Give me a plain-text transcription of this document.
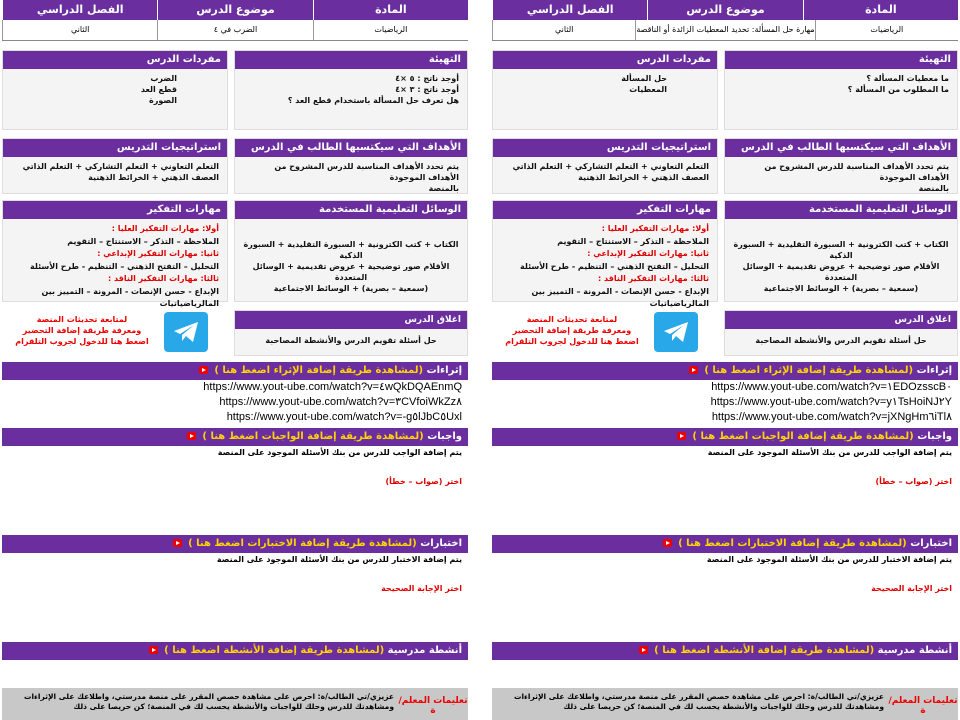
المادة
موضوع الدرس
الفصل الدراسي
الرياضيات
الضرب في ٤
الثاني
التهيئة
أوجد ناتج : ٥ ×٤
أوجد ناتج : ٣ ×٤
هل تعرف حل المسألة باستخدام قطع العد ؟
مفردات الدرس
الضرب
قطع العد
الصورة
الأهداف التي سيكتسبها الطالب في الدرس
يتم تحدد الأهداف المناسبة للدرس المشروح من الأهداف الموجودة
بالمنصة
استراتيجيات التدريس
التعلم التعاوني + التعلم التشاركي + التعلم الذاتي
العصف الذهني + الخرائط الذهنية
الوسائل التعليمية المستخدمة
الكتاب + كتب الكترونية + السبورة التقليدية + السبورة الذكية
الأقلام صور توضيحية + عروض تقديمية + الوسائل المتعددة
(سمعية – بصرية) + الوسائط الاجتماعية
مهارات التفكير
أولا: مهارات التفكير العليا :
الملاحظة – التذكر – الاستنتاج – التقويم
ثانيا: مهارات التفكير الإبداعي :
التحليل – التفتح الذهني – التنظيم - طرح الأسئلة
ثالثا: مهارات التفكير الناقد :
الإبداع - حسن الإنصات - المرونة – التمييز بين المالرياضياتيات
اغلاق الدرس
حل أسئلة تقويم الدرس والأنشطة المصاحبة
لمتابعة تحديثات المنصة
ومعرفة طريقة إضافة التحضير
اضغط هنا للدخول لجروب التلقرام
إثراءات (لمشاهدة طريقة إضافة الإثراء اضغط هنا )
https://www.yout-ube.com/watch?v=٤wQkDQAEnmQ
https://www.yout-ube.com/watch?v=٣CVfoiWkZz٨
https://www.yout-ube.com/watch?v=-g٥lJbC٥Uxl
واجبات (لمشاهدة طريقة إضافة الواجبات اضغط هنا )
يتم إضافة الواجب للدرس من بنك الأسئلة الموجود على المنصة
اختر (صواب – خطأ)
اختبارات (لمشاهدة طريقة إضافة الاختبارات اضغط هنا )
يتم إضافة الاختبار للدرس من بنك الأسئلة الموجود على المنصة
اختر الإجابة الصحيحة
أنشطة مدرسية (لمشاهدة طريقة إضافة الأنشطة اضغط هنا )
تعليمات المعلم/ة
عزيزي/تي الطالب/ة: احرص على مشاهدة حصص المقرر على منصة مدرستي، واطلاعك على الإثراءات ومشاهدتك للدرس وحلك للواجبات والأنشطة يحسب لك في المنصة؛ كن حريصا على ذلك
المادة
موضوع الدرس
الفصل الدراسي
الرياضيات
مهارة حل المسألة: تحديد المعطيات الزائدة أو الناقصة
الثاني
التهيئة
ما معطيات المسألة ؟
ما المطلوب من المسألة ؟
مفردات الدرس
حل المسألة
المعطيات
الأهداف التي سيكتسبها الطالب في الدرس
يتم تحدد الأهداف المناسبة للدرس المشروح من الأهداف الموجودة
بالمنصة
استراتيجيات التدريس
التعلم التعاوني + التعلم التشاركي + التعلم الذاتي
العصف الذهني + الخرائط الذهنية
الوسائل التعليمية المستخدمة
الكتاب + كتب الكترونية + السبورة التقليدية + السبورة الذكية
الأقلام صور توضيحية + عروض تقديمية + الوسائل المتعددة
(سمعية – بصرية) + الوسائط الاجتماعية
مهارات التفكير
أولا: مهارات التفكير العليا :
الملاحظة – التذكر – الاستنتاج – التقويم
ثانيا: مهارات التفكير الإبداعي :
التحليل – التفتح الذهني – التنظيم - طرح الأسئلة
ثالثا: مهارات التفكير الناقد :
الإبداع - حسن الإنصات - المرونة – التمييز بين المالرياضياتيات
اغلاق الدرس
حل أسئلة تقويم الدرس والأنشطة المصاحبة
لمتابعة تحديثات المنصة
ومعرفة طريقة إضافة التحضير
اضغط هنا للدخول لجروب التلقرام
إثراءات (لمشاهدة طريقة إضافة الإثراء اضغط هنا )
https://www.yout-ube.com/watch?v=١EDOzsscB٠
https://www.yout-ube.com/watch?v=y١TsHoiNJ٢Y
https://www.yout-ube.com/watch?v=jXNgHm٦iTl٨
واجبات (لمشاهدة طريقة إضافة الواجبات اضغط هنا )
يتم إضافة الواجب للدرس من بنك الأسئلة الموجود على المنصة
اختر (صواب – خطأ)
اختبارات (لمشاهدة طريقة إضافة الاختبارات اضغط هنا )
يتم إضافة الاختبار للدرس من بنك الأسئلة الموجود على المنصة
اختر الإجابة الصحيحة
أنشطة مدرسية (لمشاهدة طريقة إضافة الأنشطة اضغط هنا )
تعليمات المعلم/ة
عزيزي/تي الطالب/ة: احرص على مشاهدة حصص المقرر على منصة مدرستي، واطلاعك على الإثراءات ومشاهدتك للدرس وحلك للواجبات والأنشطة يحسب لك في المنصة؛ كن حريصا على ذلك
